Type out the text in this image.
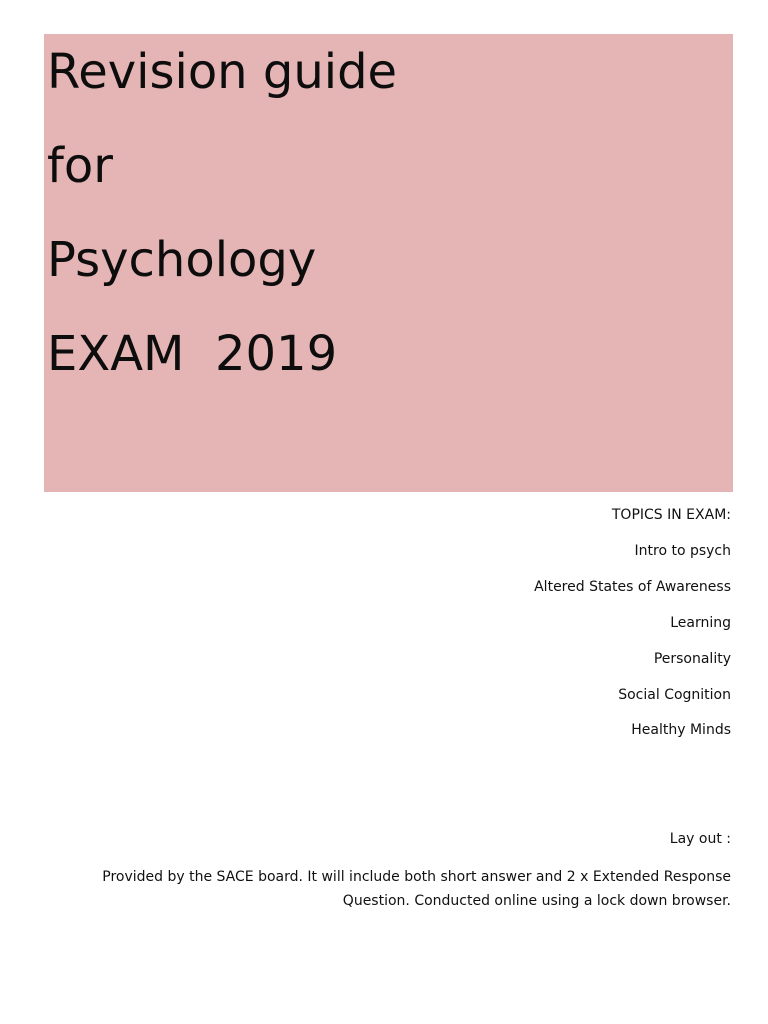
Revision guide
for
Psychology
EXAM  2019
TOPICS IN EXAM:
Intro to psych
Altered States of Awareness
Learning
Personality
Social Cognition
Healthy Minds
Lay out :
Provided by the SACE board. It will include both short answer and 2 x Extended Response Question. Conducted online using a lock down browser.
